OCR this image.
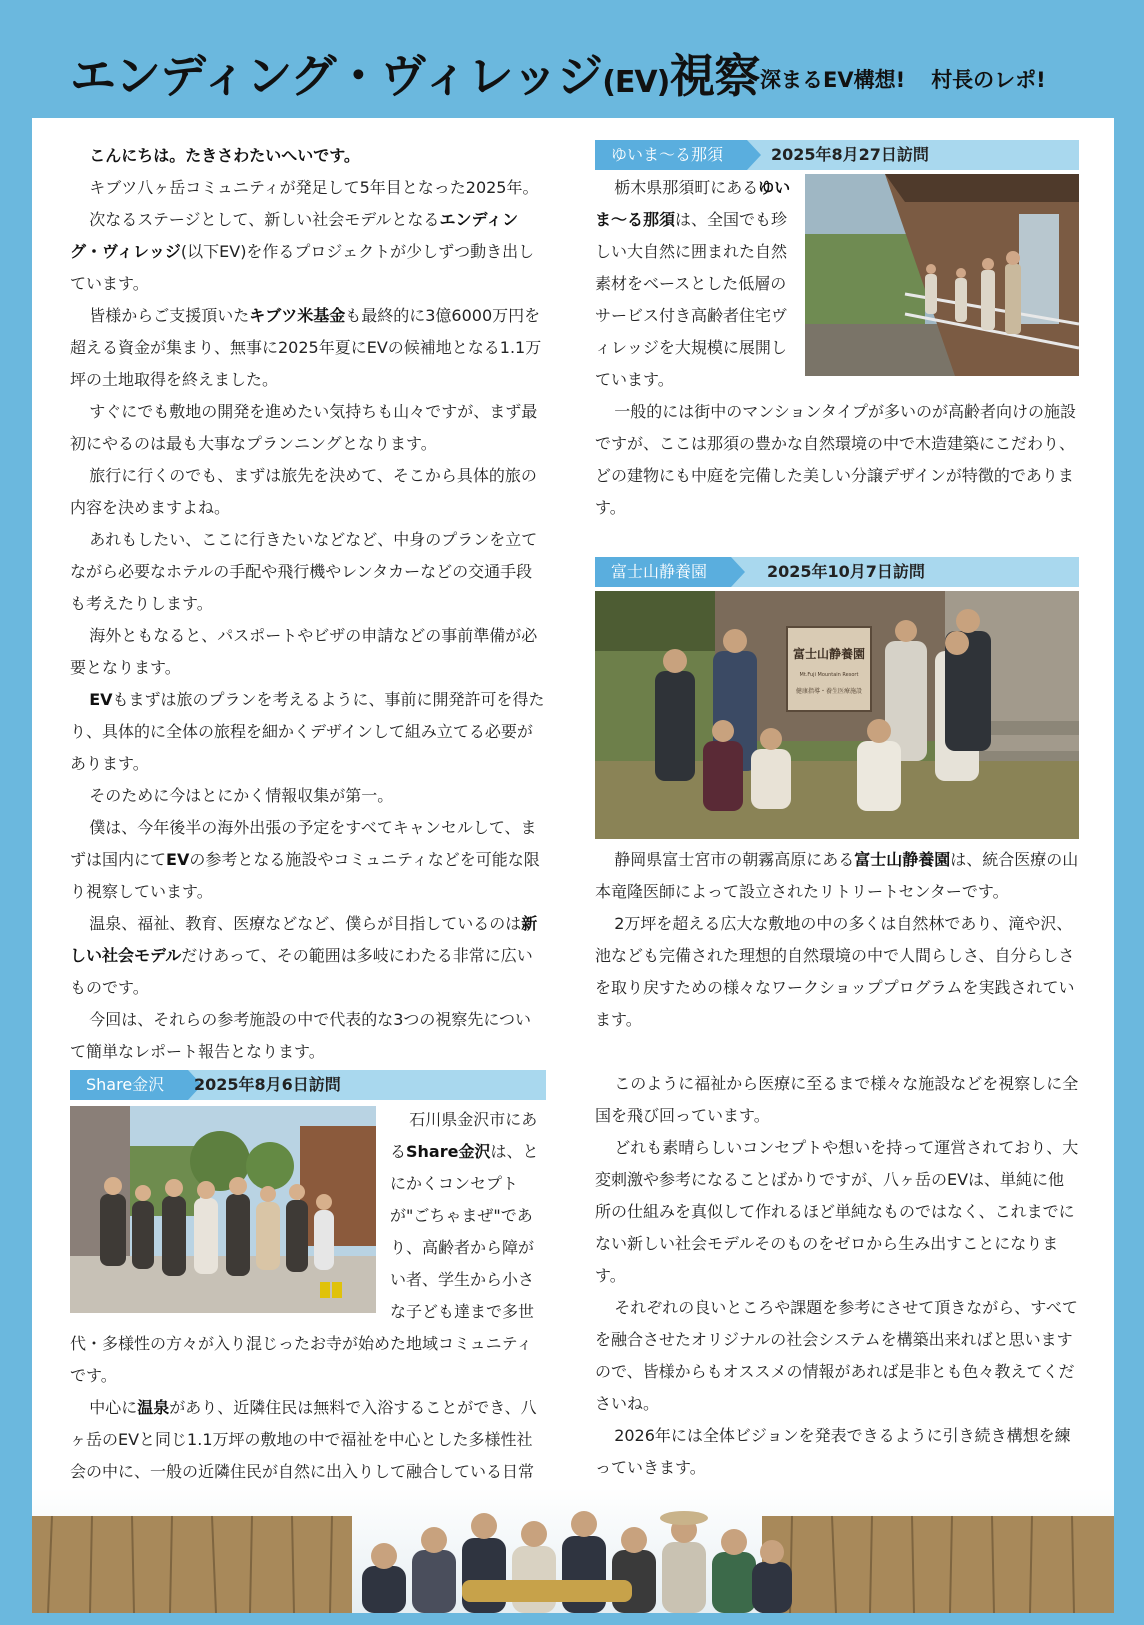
エンディング・ヴィレッジ(EV)視察 深まるEV構想! 村長のレポ!

こんにちは。たきさわたいへいです。

キブツ八ヶ岳コミュニティが発足して5年目となった2025年。

次なるステージとして、新しい社会モデルとなるエンディング・ヴィレッジ(以下EV)を作るプロジェクトが少しずつ動き出しています。

皆様からご支援頂いたキブツ米基金も最終的に3億6000万円を超える資金が集まり、無事に2025年夏にEVの候補地となる1.1万坪の土地取得を終えました。

すぐにでも敷地の開発を進めたい気持ちも山々ですが、まず最初にやるのは最も大事なプランニングとなります。

旅行に行くのでも、まずは旅先を決めて、そこから具体的旅の内容を決めますよね。

あれもしたい、ここに行きたいなどなど、中身のプランを立てながら必要なホテルの手配や飛行機やレンタカーなどの交通手段も考えたりします。

海外ともなると、パスポートやビザの申請などの事前準備が必要となります。

EVもまずは旅のプランを考えるように、事前に開発許可を得たり、具体的に全体の旅程を細かくデザインして組み立てる必要があります。

そのために今はとにかく情報収集が第一。

僕は、今年後半の海外出張の予定をすべてキャンセルして、まずは国内にてEVの参考となる施設やコミュニティなどを可能な限り視察しています。

温泉、福祉、教育、医療などなど、僕らが目指しているのは新しい社会モデルだけあって、その範囲は多岐にわたる非常に広いものです。

今回は、それらの参考施設の中で代表的な3つの視察先について簡単なレポート報告となります。

Share金沢	2025年8月6日訪問

石川県金沢市にあるShare金沢は、とにかくコンセプトが"ごちゃまぜ"であり、高齢者から障がい者、学生から小さな子ども達まで多世代・多様性の方々が入り混じったお寺が始めた地域コミュニティです。

中心に温泉があり、近隣住民は無料で入浴することができ、八ヶ岳のEVと同じ1.1万坪の敷地の中で福祉を中心とした多様性社会の中に、一般の近隣住民が自然に出入りして融合している日常

ゆいま～る那須	2025年8月27日訪問

栃木県那須町にあるゆいま～る那須は、全国でも珍しい大自然に囲まれた自然素材をベースとした低層のサービス付き高齢者住宅ヴィレッジを大規模に展開しています。

一般的には街中のマンションタイプが多いのが高齢者向けの施設ですが、ここは那須の豊かな自然環境の中で木造建築にこだわり、どの建物にも中庭を完備した美しい分譲デザインが特徴的であります。

富士山静養園	2025年10月7日訪問
富士山静養園
Mt.Fuji Mountain Resort
健康指導・養生医療施設

静岡県富士宮市の朝霧高原にある富士山静養園は、統合医療の山本竜隆医師によって設立されたリトリートセンターです。

2万坪を超える広大な敷地の中の多くは自然林であり、滝や沢、池なども完備された理想的自然環境の中で人間らしさ、自分らしさを取り戻すための様々なワークショッププログラムを実践されています。

このように福祉から医療に至るまで様々な施設などを視察しに全国を飛び回っています。

どれも素晴らしいコンセプトや想いを持って運営されており、大変刺激や参考になることばかりですが、八ヶ岳のEVは、単純に他所の仕組みを真似して作れるほど単純なものではなく、これまでにない新しい社会モデルそのものをゼロから生み出すことになります。

それぞれの良いところや課題を参考にさせて頂きながら、すべてを融合させたオリジナルの社会システムを構築出来ればと思いますので、皆様からもオススメの情報があれば是非とも色々教えてくださいね。

2026年には全体ビジョンを発表できるように引き続き構想を練っていきます。
